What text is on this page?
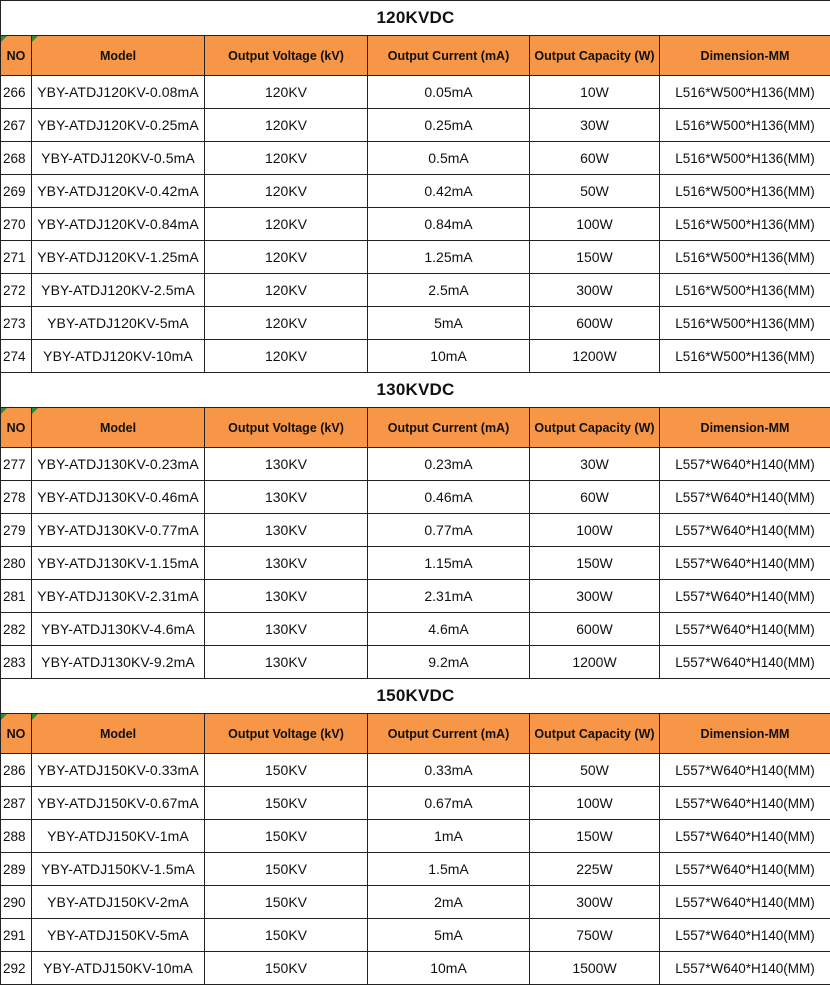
120KVDC					

NO	Model	Output Voltage (kV)	Output Current (mA)	Output Capacity (W)	Dimension-MM
266	YBY-ATDJ120KV-0.08mA	120KV	0.05mA	10W	L516*W500*H136(MM)
267	YBY-ATDJ120KV-0.25mA	120KV	0.25mA	30W	L516*W500*H136(MM)
268	YBY-ATDJ120KV-0.5mA	120KV	0.5mA	60W	L516*W500*H136(MM)
269	YBY-ATDJ120KV-0.42mA	120KV	0.42mA	50W	L516*W500*H136(MM)
270	YBY-ATDJ120KV-0.84mA	120KV	0.84mA	100W	L516*W500*H136(MM)
271	YBY-ATDJ120KV-1.25mA	120KV	1.25mA	150W	L516*W500*H136(MM)
272	YBY-ATDJ120KV-2.5mA	120KV	2.5mA	300W	L516*W500*H136(MM)
273	YBY-ATDJ120KV-5mA	120KV	5mA	600W	L516*W500*H136(MM)
274	YBY-ATDJ120KV-10mA	120KV	10mA	1200W	L516*W500*H136(MM)
130KVDC					

NO	Model	Output Voltage (kV)	Output Current (mA)	Output Capacity (W)	Dimension-MM
277	YBY-ATDJ130KV-0.23mA	130KV	0.23mA	30W	L557*W640*H140(MM)
278	YBY-ATDJ130KV-0.46mA	130KV	0.46mA	60W	L557*W640*H140(MM)
279	YBY-ATDJ130KV-0.77mA	130KV	0.77mA	100W	L557*W640*H140(MM)
280	YBY-ATDJ130KV-1.15mA	130KV	1.15mA	150W	L557*W640*H140(MM)
281	YBY-ATDJ130KV-2.31mA	130KV	2.31mA	300W	L557*W640*H140(MM)
282	YBY-ATDJ130KV-4.6mA	130KV	4.6mA	600W	L557*W640*H140(MM)
283	YBY-ATDJ130KV-9.2mA	130KV	9.2mA	1200W	L557*W640*H140(MM)
150KVDC					

NO	Model	Output Voltage (kV)	Output Current (mA)	Output Capacity (W)	Dimension-MM
286	YBY-ATDJ150KV-0.33mA	150KV	0.33mA	50W	L557*W640*H140(MM)
287	YBY-ATDJ150KV-0.67mA	150KV	0.67mA	100W	L557*W640*H140(MM)
288	YBY-ATDJ150KV-1mA	150KV	1mA	150W	L557*W640*H140(MM)
289	YBY-ATDJ150KV-1.5mA	150KV	1.5mA	225W	L557*W640*H140(MM)
290	YBY-ATDJ150KV-2mA	150KV	2mA	300W	L557*W640*H140(MM)
291	YBY-ATDJ150KV-5mA	150KV	5mA	750W	L557*W640*H140(MM)
292	YBY-ATDJ150KV-10mA	150KV	10mA	1500W	L557*W640*H140(MM)
